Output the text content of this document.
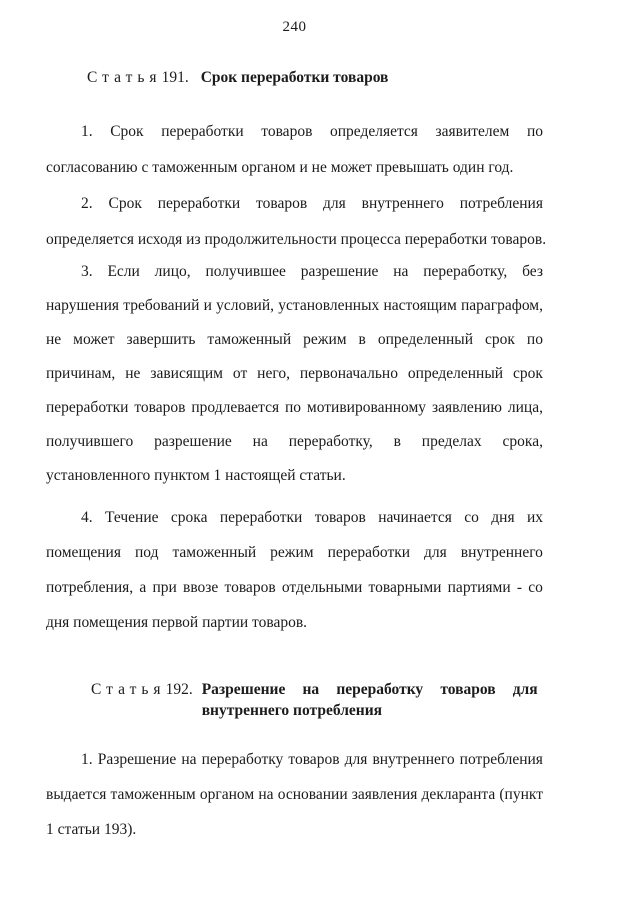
240
Статья191. Срок переработки товаров
1. Срок переработки товаров определяется заявителем по
согласованию с таможенным органом и не может превышать один год.
2. Срок переработки товаров для внутреннего потребления
определяется исходя из продолжительности процесса переработки товаров.
3. Если лицо, получившее разрешение на переработку, без
нарушения требований и условий, установленных настоящим параграфом,
не может завершить таможенный режим в определенный срок по
причинам, не зависящим от него, первоначально определенный срок
переработки товаров продлевается по мотивированному заявлению лица,
получившего разрешение на переработку, в пределах срока,
установленного пунктом 1 настоящей статьи.
4. Течение срока переработки товаров начинается со дня их
помещения под таможенный режим переработки для внутреннего
потребления, а при ввозе товаров отдельными товарными партиями - со
дня помещения первой партии товаров.
Статья192. Разрешение на переработку товаров для
внутреннего потребления
1. Разрешение на переработку товаров для внутреннего потребления
выдается таможенным органом на основании заявления декларанта (пункт
1 статьи 193).
